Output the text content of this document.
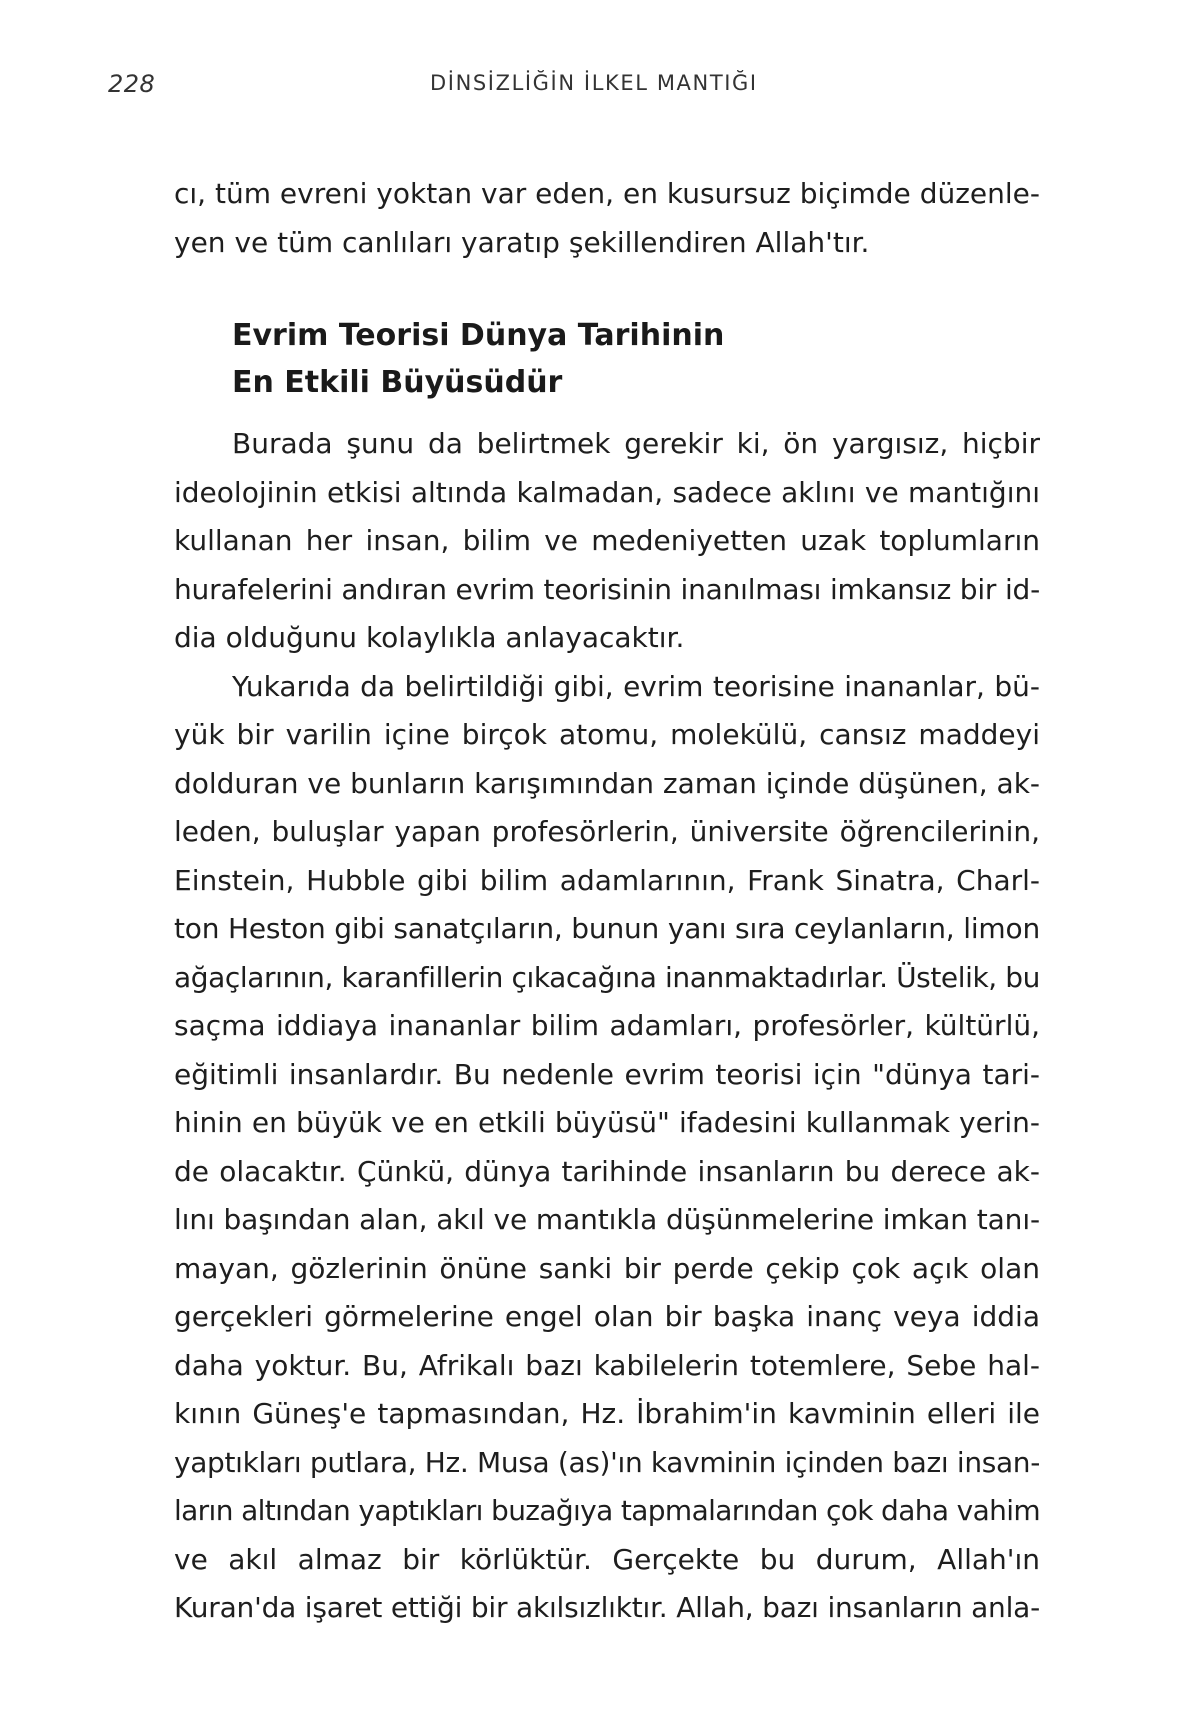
228	DİNSİZLİĞİN İLKEL MANTIĞI
cı, tüm evreni yoktan var eden, en kusursuz biçimde düzenle-
yen ve tüm canlıları yaratıp şekillendiren Allah'tır.
Evrim Teorisi Dünya Tarihinin
En Etkili Büyüsüdür
Burada şunu da belirtmek gerekir ki, ön yargısız, hiçbir
ideolojinin etkisi altında kalmadan, sadece aklını ve mantığını
kullanan her insan, bilim ve medeniyetten uzak toplumların
hurafelerini andıran evrim teorisinin inanılması imkansız bir id-
dia olduğunu kolaylıkla anlayacaktır.
Yukarıda da belirtildiği gibi, evrim teorisine inananlar, bü-
yük bir varilin içine birçok atomu, molekülü, cansız maddeyi
dolduran ve bunların karışımından zaman içinde düşünen, ak-
leden, buluşlar yapan profesörlerin, üniversite öğrencilerinin,
Einstein, Hubble gibi bilim adamlarının, Frank Sinatra, Charl-
ton Heston gibi sanatçıların, bunun yanı sıra ceylanların, limon
ağaçlarının, karanfillerin çıkacağına inanmaktadırlar. Üstelik, bu
saçma iddiaya inananlar bilim adamları, profesörler, kültürlü,
eğitimli insanlardır. Bu nedenle evrim teorisi için "dünya tari-
hinin en büyük ve en etkili büyüsü" ifadesini kullanmak yerin-
de olacaktır. Çünkü, dünya tarihinde insanların bu derece ak-
lını başından alan, akıl ve mantıkla düşünmelerine imkan tanı-
mayan, gözlerinin önüne sanki bir perde çekip çok açık olan
gerçekleri görmelerine engel olan bir başka inanç veya iddia
daha yoktur. Bu, Afrikalı bazı kabilelerin totemlere, Sebe hal-
kının Güneş'e tapmasından, Hz. İbrahim'in kavminin elleri ile
yaptıkları putlara, Hz. Musa (as)'ın kavminin içinden bazı insan-
ların altından yaptıkları buzağıya tapmalarından çok daha vahim
ve akıl almaz bir körlüktür. Gerçekte bu durum, Allah'ın
Kuran'da işaret ettiği bir akılsızlıktır. Allah, bazı insanların anla-
